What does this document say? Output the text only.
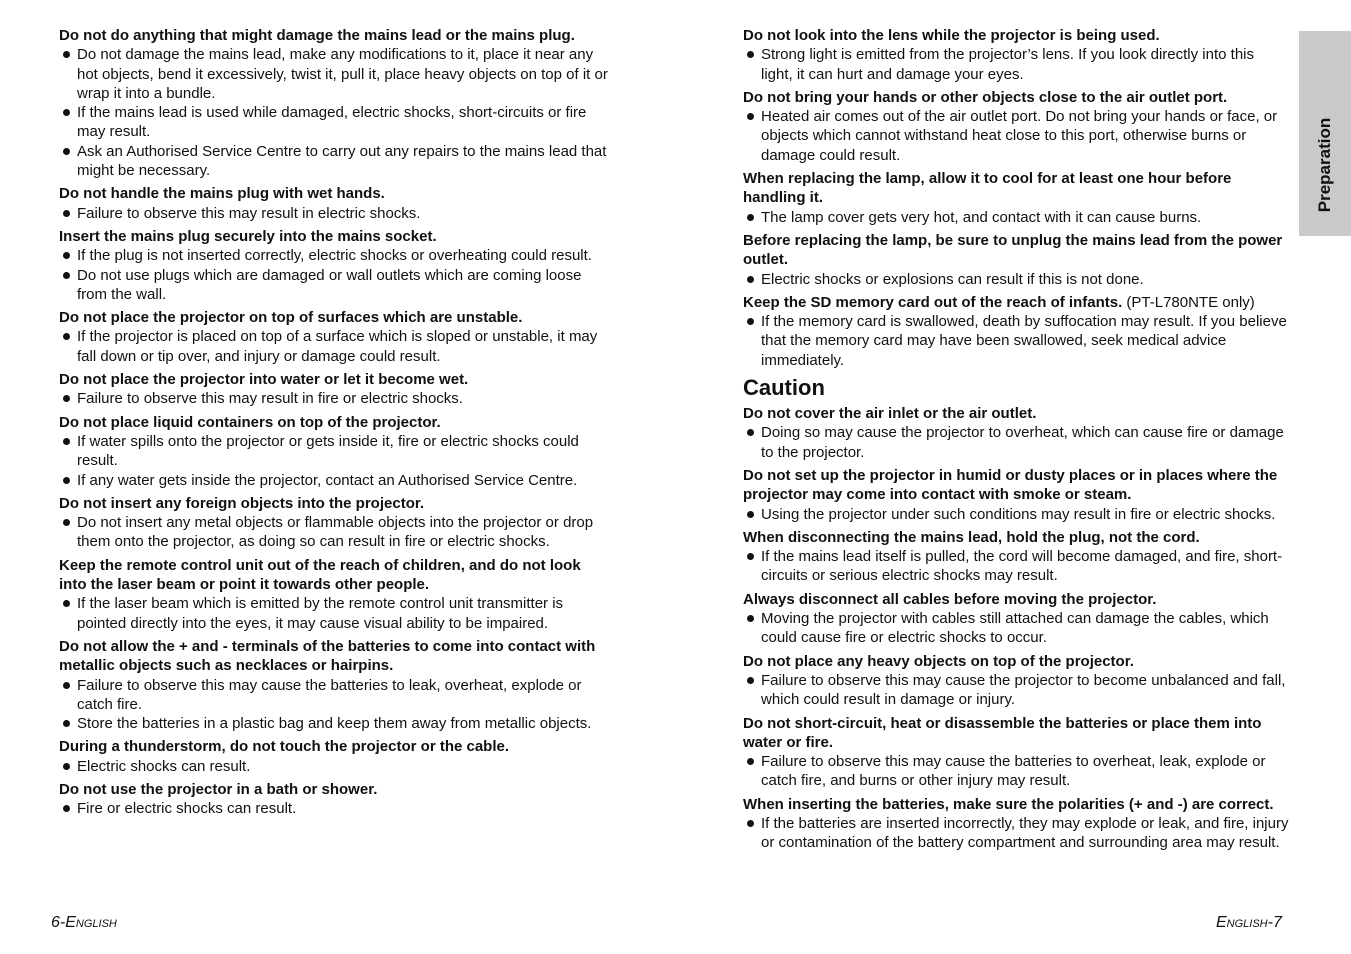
Do not do anything that might damage the mains lead or the mains plug.
Do not damage the mains lead, make any modifications to it, place it near any hot objects, bend it excessively, twist it, pull it, place heavy objects on top of it or wrap it into a bundle.
If the mains lead is used while damaged, electric shocks, short-circuits or fire may result.
Ask an Authorised Service Centre to carry out any repairs to the mains lead that might be necessary.
Do not handle the mains plug with wet hands.
Failure to observe this may result in electric shocks.
Insert the mains plug securely into the mains socket.
If the plug is not inserted correctly, electric shocks or overheating could result.
Do not use plugs which are damaged or wall outlets which are coming loose from the wall.
Do not place the projector on top of surfaces which are unstable.
If the projector is placed on top of a surface which is sloped or unstable, it may fall down or tip over, and injury or damage could result.
Do not place the projector into water or let it become wet.
Failure to observe this may result in fire or electric shocks.
Do not place liquid containers on top of the projector.
If water spills onto the projector or gets inside it, fire or electric shocks could result.
If any water gets inside the projector, contact an Authorised Service Centre.
Do not insert any foreign objects into the projector.
Do not insert any metal objects or flammable objects into the projector or drop them onto the projector, as doing so can result in fire or electric shocks.
Keep the remote control unit out of the reach of children, and do not look into the laser beam or point it towards other people.
If the laser beam which is emitted by the remote control unit transmitter is pointed directly into the eyes, it may cause visual ability to be impaired.
Do not allow the + and - terminals of the batteries to come into contact with metallic objects such as necklaces or hairpins.
Failure to observe this may cause the batteries to leak, overheat, explode or catch fire.
Store the batteries in a plastic bag and keep them away from metallic objects.
During a thunderstorm, do not touch the projector or the cable.
Electric shocks can result.
Do not use the projector in a bath or shower.
Fire or electric shocks can result.
Do not look into the lens while the projector is being used.
Strong light is emitted from the projector’s lens. If you look directly into this light, it can hurt and damage your eyes.
Do not bring your hands or other objects close to the air outlet port.
Heated air comes out of the air outlet port. Do not bring your hands or face, or objects which cannot withstand heat close to this port, otherwise burns or damage could result.
When replacing the lamp, allow it to cool for at least one hour before handling it.
The lamp cover gets very hot, and contact with it can cause burns.
Before replacing the lamp, be sure to unplug the mains lead from the power outlet.
Electric shocks or explosions can result if this is not done.
Keep the SD memory card out of the reach of infants. (PT-L780NTE only)
If the memory card is swallowed, death by suffocation may result. If you believe that the memory card may have been swallowed, seek medical advice immediately.
Caution
Do not cover the air inlet or the air outlet.
Doing so may cause the projector to overheat, which can cause fire or damage to the projector.
Do not set up the projector in humid or dusty places or in places where the projector may come into contact with smoke or steam.
Using the projector under such conditions may result in fire or electric shocks.
When disconnecting the mains lead, hold the plug, not the cord.
If the mains lead itself is pulled, the cord will become damaged, and fire, short-circuits or serious electric shocks may result.
Always disconnect all cables before moving the projector.
Moving the projector with cables still attached can damage the cables, which could cause fire or electric shocks to occur.
Do not place any heavy objects on top of the projector.
Failure to observe this may cause the projector to become unbalanced and fall, which could result in damage or injury.
Do not short-circuit, heat or disassemble the batteries or place them into water or fire.
Failure to observe this may cause the batteries to overheat, leak, explode or catch fire, and burns or other injury may result.
When inserting the batteries, make sure the polarities (+ and -) are correct.
If the batteries are inserted incorrectly, they may explode or leak, and fire, injury or contamination of the battery compartment and surrounding area may result.
Preparation
6-English	English-7
